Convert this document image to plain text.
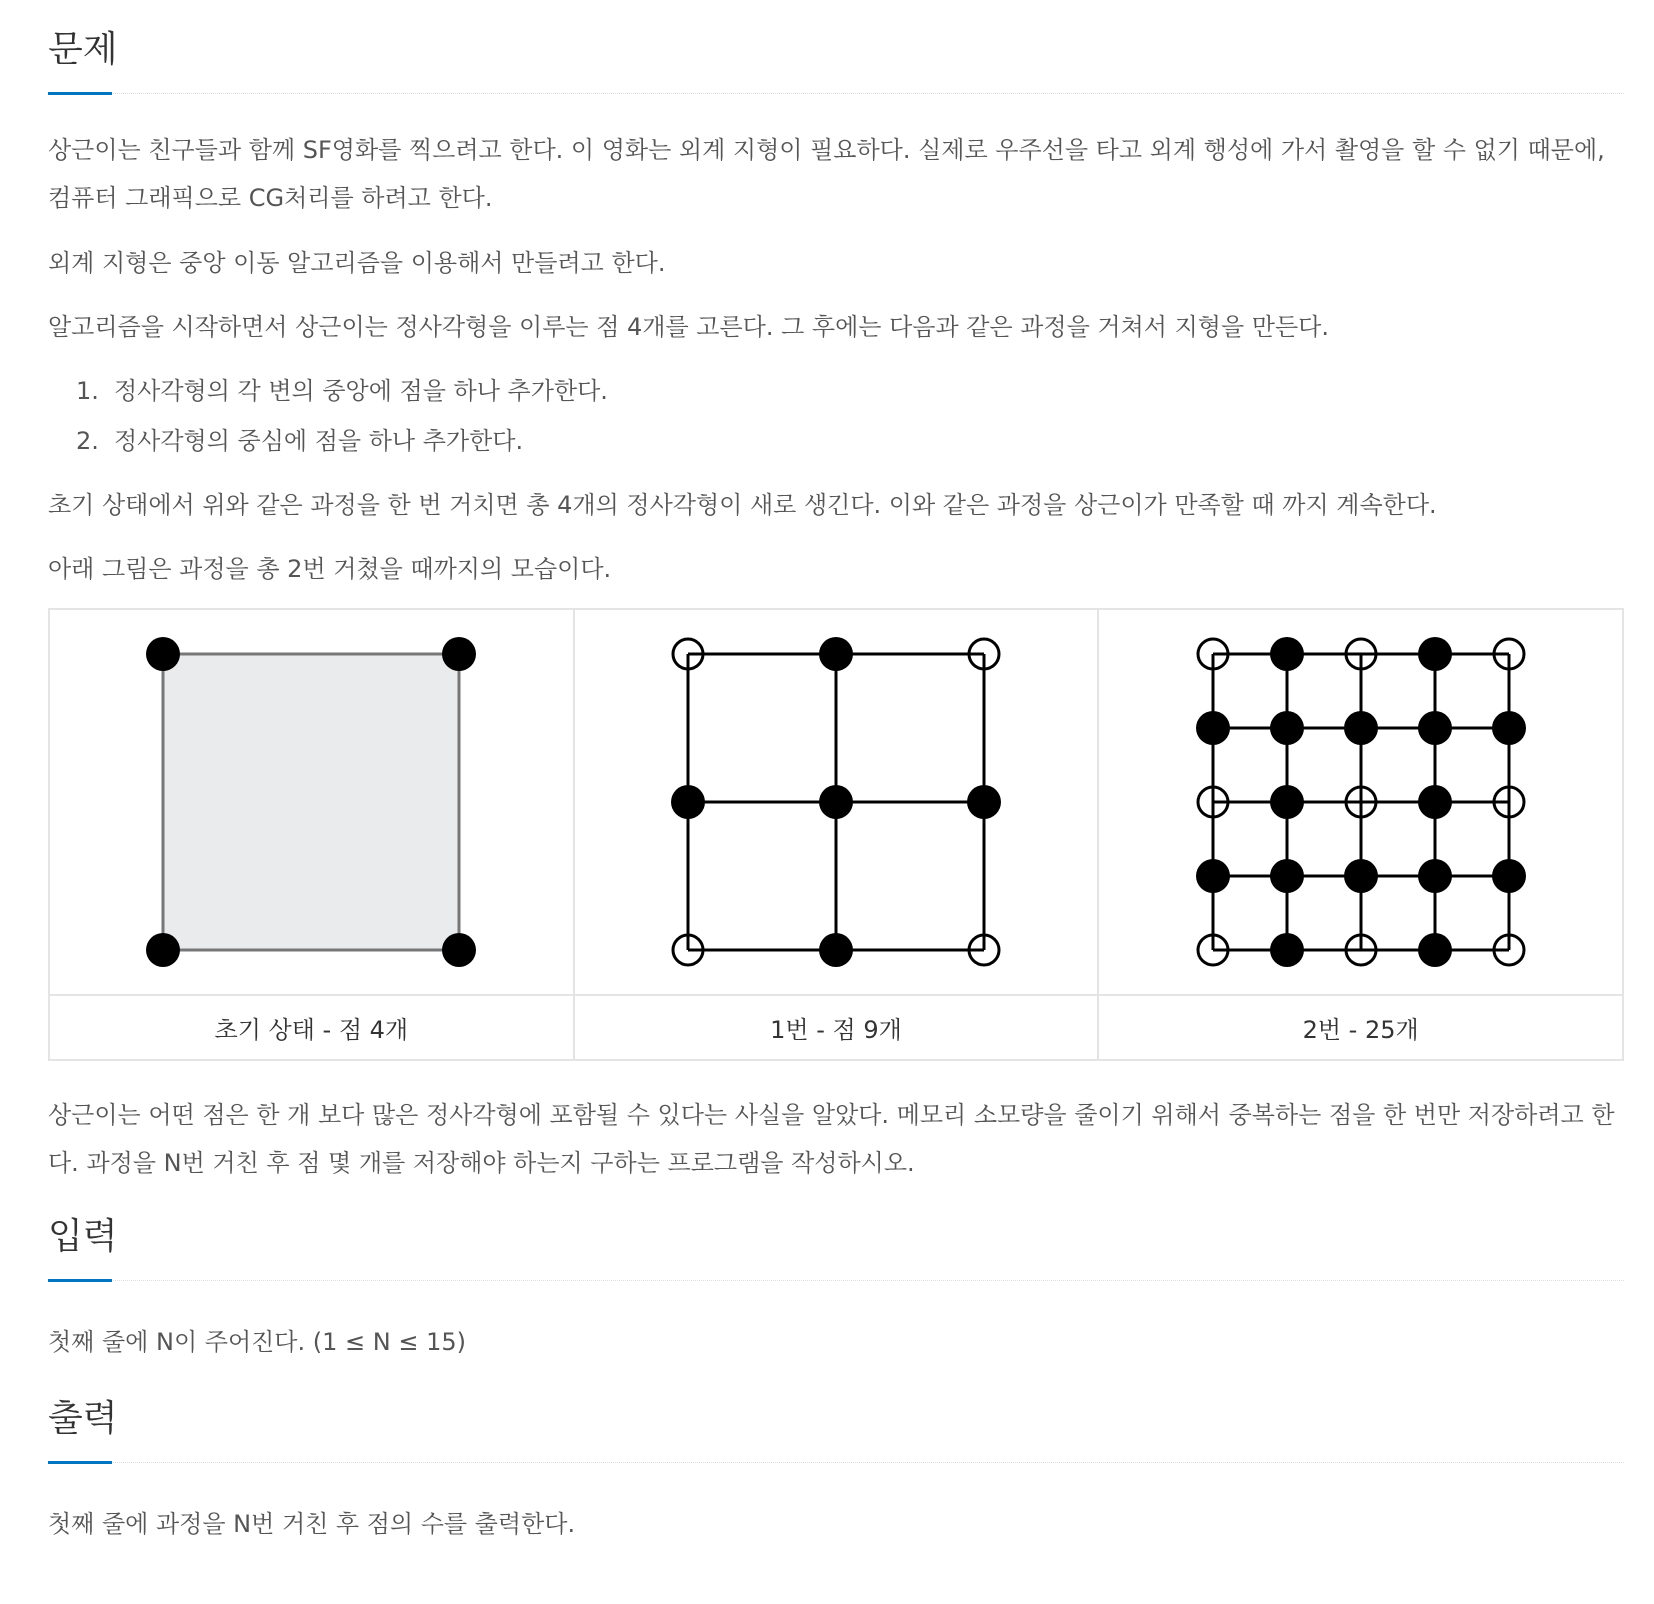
문제

상근이는 친구들과 함께 SF영화를 찍으려고 한다. 이 영화는 외계 지형이 필요하다. 실제로 우주선을 타고 외계 행성에 가서 촬영을 할 수 없기 때문에, 컴퓨터 그래픽으로 CG처리를 하려고 한다.

외계 지형은 중앙 이동 알고리즘을 이용해서 만들려고 한다.

알고리즘을 시작하면서 상근이는 정사각형을 이루는 점 4개를 고른다. 그 후에는 다음과 같은 과정을 거쳐서 지형을 만든다.

1. 정사각형의 각 변의 중앙에 점을 하나 추가한다.
2. 정사각형의 중심에 점을 하나 추가한다.

초기 상태에서 위와 같은 과정을 한 번 거치면 총 4개의 정사각형이 새로 생긴다. 이와 같은 과정을 상근이가 만족할 때 까지 계속한다.

아래 그림은 과정을 총 2번 거쳤을 때까지의 모습이다.

초기 상태 - 점 4개	1번 - 점 9개	2번 - 25개

상근이는 어떤 점은 한 개 보다 많은 정사각형에 포함될 수 있다는 사실을 알았다. 메모리 소모량을 줄이기 위해서 중복하는 점을 한 번만 저장하려고 한다. 과정을 N번 거친 후 점 몇 개를 저장해야 하는지 구하는 프로그램을 작성하시오.

입력

첫째 줄에 N이 주어진다. (1 ≤ N ≤ 15)

출력

첫째 줄에 과정을 N번 거친 후 점의 수를 출력한다.
